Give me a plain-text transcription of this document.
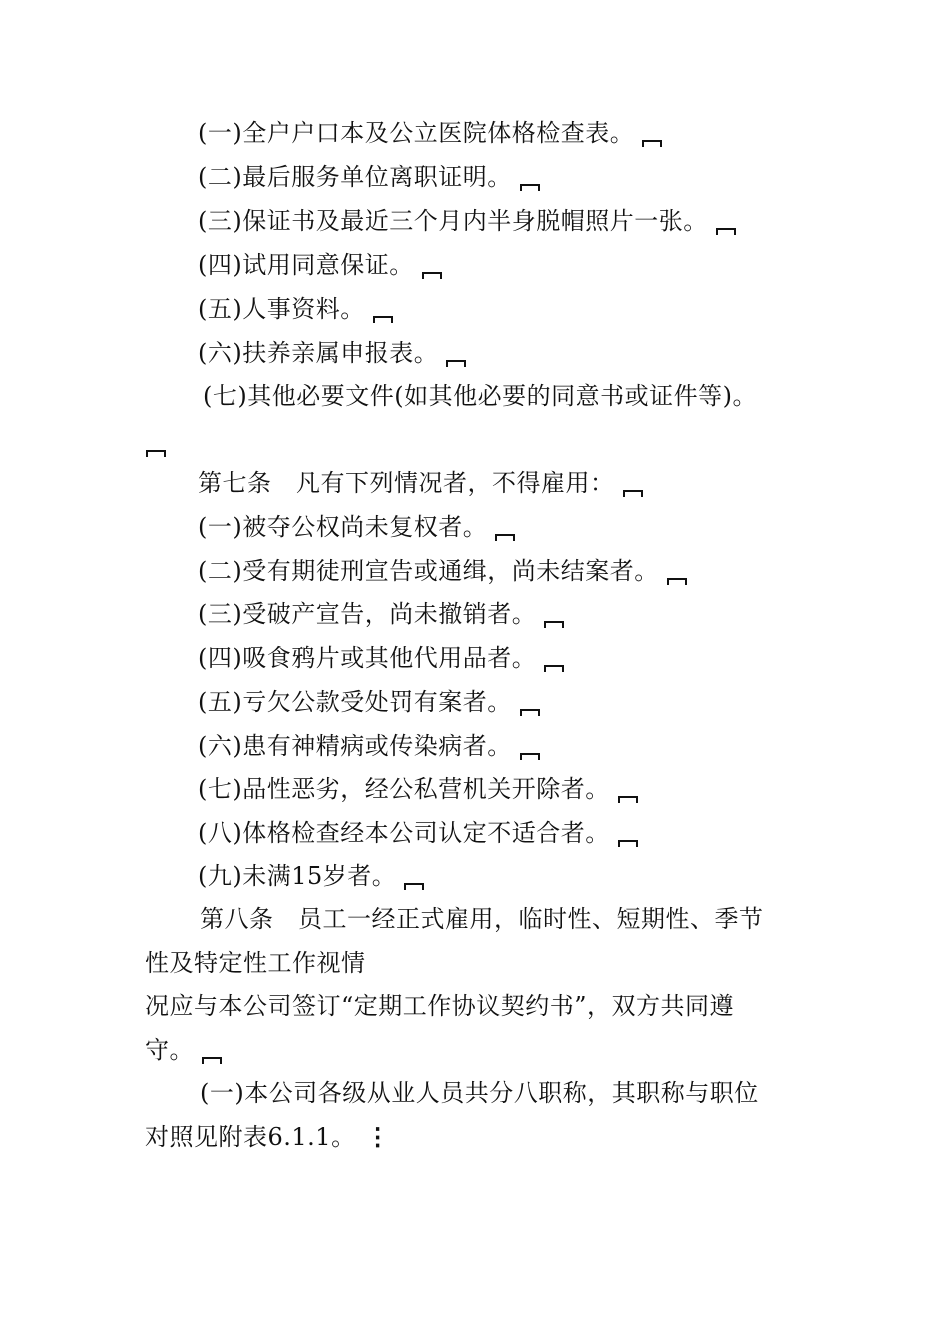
(一)全户户口本及公立医院体格检查表。
(二)最后服务单位离职证明。
(三)保证书及最近三个月内半身脱帽照片一张。
(四)试用同意保证。
(五)人事资料。
(六)扶养亲属申报表。
(七)其他必要文件(如其他必要的同意书或证件等)。
第七条　凡有下列情况者，不得雇用：
(一)被夺公权尚未复权者。
(二)受有期徒刑宣告或通缉，尚未结案者。
(三)受破产宣告，尚未撤销者。
(四)吸食鸦片或其他代用品者。
(五)亏欠公款受处罚有案者。
(六)患有神精病或传染病者。
(七)品性恶劣，经公私营机关开除者。
(八)体格检查经本公司认定不适合者。
(九)未满15岁者。
第八条　员工一经正式雇用，临时性、短期性、季节
性及特定性工作视情
况应与本公司签订“定期工作协议契约书”，双方共同遵
守。
(一)本公司各级从业人员共分八职称，其职称与职位
对照见附表6.1.1。 ⋮
